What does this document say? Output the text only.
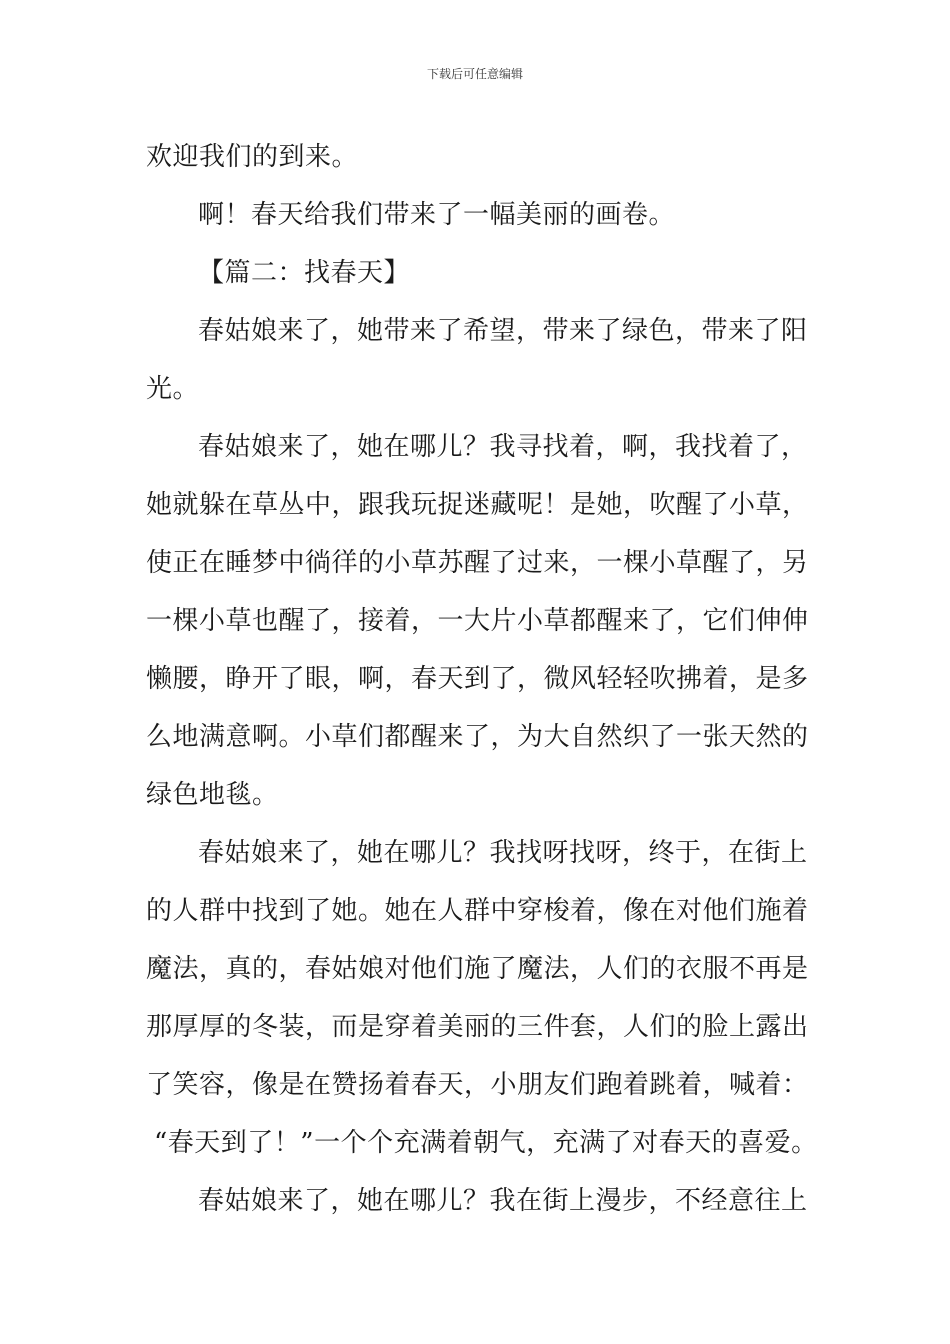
下载后可任意编辑
欢迎我们的到来。
啊！春天给我们带来了一幅美丽的画卷。
【篇二：找春天】
春姑娘来了，她带来了希望，带来了绿色，带来了阳
光。
春姑娘来了，她在哪儿？我寻找着，啊，我找着了，
她就躲在草丛中，跟我玩捉迷藏呢！是她，吹醒了小草，
使正在睡梦中徜徉的小草苏醒了过来，一棵小草醒了，另
一棵小草也醒了，接着，一大片小草都醒来了，它们伸伸
懒腰，睁开了眼，啊，春天到了，微风轻轻吹拂着，是多
么地满意啊。小草们都醒来了，为大自然织了一张天然的
绿色地毯。
春姑娘来了，她在哪儿？我找呀找呀，终于，在街上
的人群中找到了她。她在人群中穿梭着，像在对他们施着
魔法，真的，春姑娘对他们施了魔法，人们的衣服不再是
那厚厚的冬装，而是穿着美丽的三件套，人们的脸上露出
了笑容，像是在赞扬着春天，小朋友们跑着跳着，喊着：
“春天到了！”一个个充满着朝气，充满了对春天的喜爱。
春姑娘来了，她在哪儿？我在街上漫步，不经意往上
